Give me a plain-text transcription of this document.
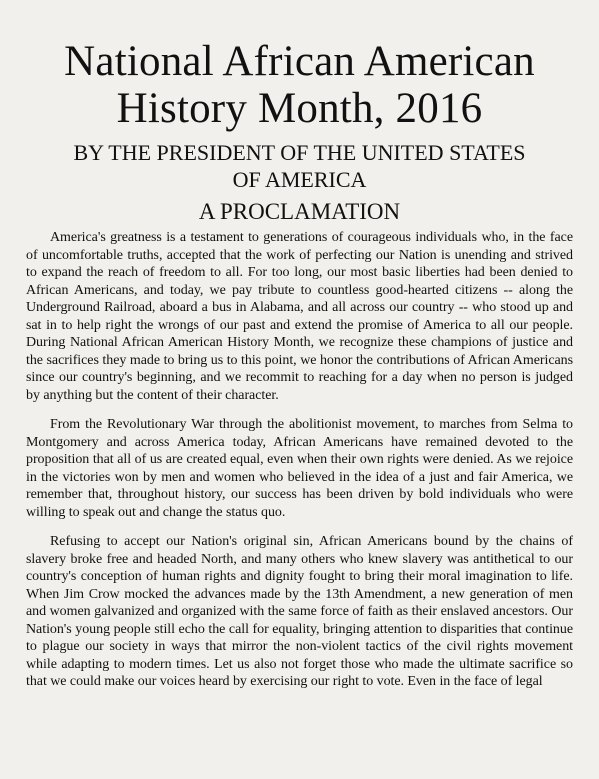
National African American
History Month, 2016
BY THE PRESIDENT OF THE UNITED STATES
OF AMERICA
A PROCLAMATION

America's greatness is a testament to generations of courageous individuals who, in the face of uncomfortable truths, accepted that the work of perfecting our Nation is unending and strived to expand the reach of freedom to all. For too long, our most basic liberties had been denied to African Americans, and today, we pay tribute to countless good-hearted citizens -- along the Underground Railroad, aboard a bus in Alabama, and all across our country -- who stood up and sat in to help right the wrongs of our past and extend the promise of America to all our people. During National African American History Month, we recognize these champions of justice and the sacrifices they made to bring us to this point, we honor the contributions of African Americans since our country's beginning, and we recommit to reaching for a day when no person is judged by anything but the content of their character.

From the Revolutionary War through the abolitionist movement, to marches from Selma to Montgomery and across America today, African Americans have remained devoted to the proposition that all of us are created equal, even when their own rights were denied. As we rejoice in the victories won by men and women who believed in the idea of a just and fair America, we remember that, throughout history, our success has been driven by bold individuals who were willing to speak out and change the status quo.

Refusing to accept our Nation's original sin, African Americans bound by the chains of slavery broke free and headed North, and many others who knew slavery was antithetical to our country's conception of human rights and dignity fought to bring their moral imagination to life. When Jim Crow mocked the advances made by the 13th Amendment, a new generation of men and women galvanized and organized with the same force of faith as their enslaved ancestors. Our Nation's young people still echo the call for equality, bringing attention to disparities that continue to plague our society in ways that mirror the non-violent tactics of the civil rights movement while adapting to modern times. Let us also not forget those who made the ultimate sacrifice so that we could make our voices heard by exercising our right to vote. Even in the face of legal
